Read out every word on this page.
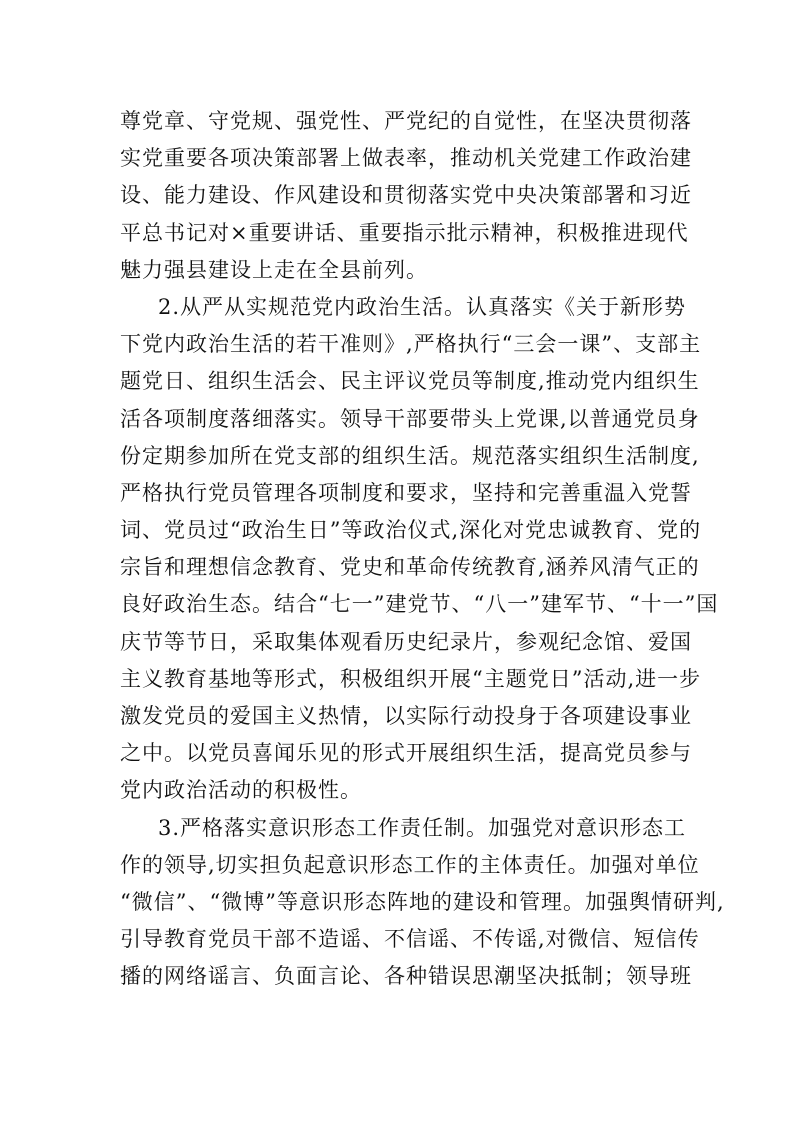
尊党章、守党规、强党性、严党纪的自觉性，在坚决贯彻落
实党重要各项决策部署上做表率，推动机关党建工作政治建
设、能力建设、作风建设和贯彻落实党中央决策部署和习近
平总书记对×重要讲话、重要指示批示精神，积极推进现代
魅力强县建设上走在全县前列。
2.从严从实规范党内政治生活。认真落实《关于新形势
下党内政治生活的若干准则》,严格执行“三会一课”、支部主
题党日、组织生活会、民主评议党员等制度,推动党内组织生
活各项制度落细落实。领导干部要带头上党课,以普通党员身
份定期参加所在党支部的组织生活。规范落实组织生活制度,
严格执行党员管理各项制度和要求，坚持和完善重温入党誓
词、党员过“政治生日”等政治仪式,深化对党忠诚教育、党的
宗旨和理想信念教育、党史和革命传统教育,涵养风清气正的
良好政治生态。结合“七一”建党节、“八一”建军节、“十一”国
庆节等节日，采取集体观看历史纪录片，参观纪念馆、爱国
主义教育基地等形式，积极组织开展“主题党日”活动,进一步
激发党员的爱国主义热情，以实际行动投身于各项建设事业
之中。以党员喜闻乐见的形式开展组织生活，提高党员参与
党内政治活动的积极性。
3.严格落实意识形态工作责任制。加强党对意识形态工
作的领导,切实担负起意识形态工作的主体责任。加强对单位
“微信”、“微博”等意识形态阵地的建设和管理。加强舆情研判,
引导教育党员干部不造谣、不信谣、不传谣,对微信、短信传
播的网络谣言、负面言论、各种错误思潮坚决抵制；领导班
